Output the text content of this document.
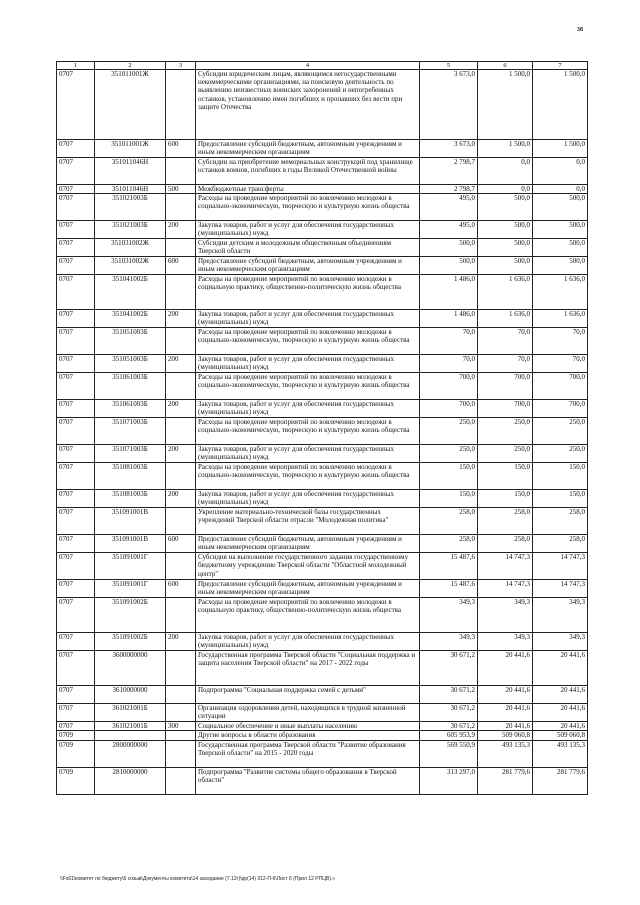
38
1	2	3	4	5	6	7
0707	351011001Ж		Субсидии юридическим лицам, являющимся негосударственными некоммерческими организациями, на поисковую деятельность по выявлению неизвестных воинских захоронений и непогребенных останков, установлению имен погибших и пропавших без вести при защите Отечества	3 673,0	1 500,0	1 500,0
0707	351011001Ж	600	Предоставление субсидий бюджетным, автономным учреждениям и иным некоммерческим организациям	3 673,0	1 500,0	1 500,0
0707	351011046Н		Субсидии на приобретение мемориальных конструкций под хранилище останков воинов, погибших в годы Великой Отечественной войны	2 798,7	0,0	0,0
0707	351011046Н	500	Межбюджетные трансферты	2 798,7	0,0	0,0
0707	351021003Б		Расходы на проведение мероприятий по вовлечению молодежи в социально-экономическую, творческую и культурную жизнь общества	495,0	500,0	500,0
0707	351021003Б	200	Закупка товаров, работ и услуг для обеспечения государственных (муниципальных) нужд	495,0	500,0	500,0
0707	351031002Ж		Субсидии детским и молодежным общественным объединениям Тверской области	500,0	500,0	500,0
0707	351031002Ж	600	Предоставление субсидий бюджетным, автономным учреждениям и иным некоммерческим организациям	500,0	500,0	500,0
0707	351041002Б		Расходы на проведение мероприятий по вовлечению молодежи в социальную практику, общественно-политическую жизнь общества	1 486,0	1 636,0	1 636,0
0707	351041002Б	200	Закупка товаров, работ и услуг для обеспечения государственных (муниципальных) нужд	1 486,0	1 636,0	1 636,0
0707	351051003Б		Расходы на проведение мероприятий по вовлечению молодежи в социально-экономическую, творческую и культурную жизнь общества	70,0	70,0	70,0
0707	351051003Б	200	Закупка товаров, работ и услуг для обеспечения государственных (муниципальных) нужд	70,0	70,0	70,0
0707	351061003Б		Расходы на проведение мероприятий по вовлечению молодежи в социально-экономическую, творческую и культурную жизнь общества	700,0	700,0	700,0
0707	351061003Б	200	Закупка товаров, работ и услуг для обеспечения государственных (муниципальных) нужд	700,0	700,0	700,0
0707	351071003Б		Расходы на проведение мероприятий по вовлечению молодежи в социально-экономическую, творческую и культурную жизнь общества	250,0	250,0	250,0
0707	351071003Б	200	Закупка товаров, работ и услуг для обеспечения государственных (муниципальных) нужд	250,0	250,0	250,0
0707	351081003Б		Расходы на проведение мероприятий по вовлечению молодежи в социально-экономическую, творческую и культурную жизнь общества	150,0	150,0	150,0
0707	351081003Б	200	Закупка товаров, работ и услуг для обеспечения государственных (муниципальных) нужд	150,0	150,0	150,0
0707	351091001В		Укрепление материально-технической базы государственных учреждений Тверской области отрасли "Молодежная политика"	258,0	258,0	258,0
0707	351091001В	600	Предоставление субсидий бюджетным, автономным учреждениям и иным некоммерческим организациям	258,0	258,0	258,0
0707	351091001Г		Субсидия на выполнение государственного задания государственному бюджетному учреждению Тверской области "Областной молодежный центр"	15 487,6	14 747,3	14 747,3
0707	351091001Г	600	Предоставление субсидий бюджетным, автономным учреждениям и иным некоммерческим организациям	15 487,6	14 747,3	14 747,3
0707	351091002Б		Расходы на проведение мероприятий по вовлечению молодежи в социальную практику, общественно-политическую жизнь общества	349,3	349,3	349,3
0707	351091002Б	200	Закупка товаров, работ и услуг для обеспечения государственных (муниципальных) нужд	349,3	349,3	349,3
0707	3600000000		Государственная программа Тверской области "Социальная поддержка и защита населения Тверской области" на 2017 - 2022 годы	30 671,2	20 441,6	20 441,6
0707	3610000000		Подпрограмма "Социальная поддержка семей с детьми"	30 671,2	20 441,6	20 441,6
0707	361021001Б		Организация оздоровления детей, находящихся в трудной жизненной ситуации	30 671,2	20 441,6	20 441,6
0707	361021001Б	300	Социальное обеспечение и иные выплаты населению	30 671,2	20 441,6	20 441,6
0709			Другие вопросы в области образования	605 953,9	509 060,8	509 060,8
0709	2800000000		Государственная программа Тверской области "Развитие образования Тверской области" на 2015 - 2020 годы	569 550,9	493 135,3	493 135,3
0709	2810000000		Подпрограмма "Развитие системы общего образования в Тверской области"	313 297,0	281 779,6	281 779,6
\\Fs01\комитет по бюджету\6 созыв\Документы комитета\14 заседание (7.12г)\рр(14) 312-П-6\Лист 6 (Прил 12 РПЦВ).»
